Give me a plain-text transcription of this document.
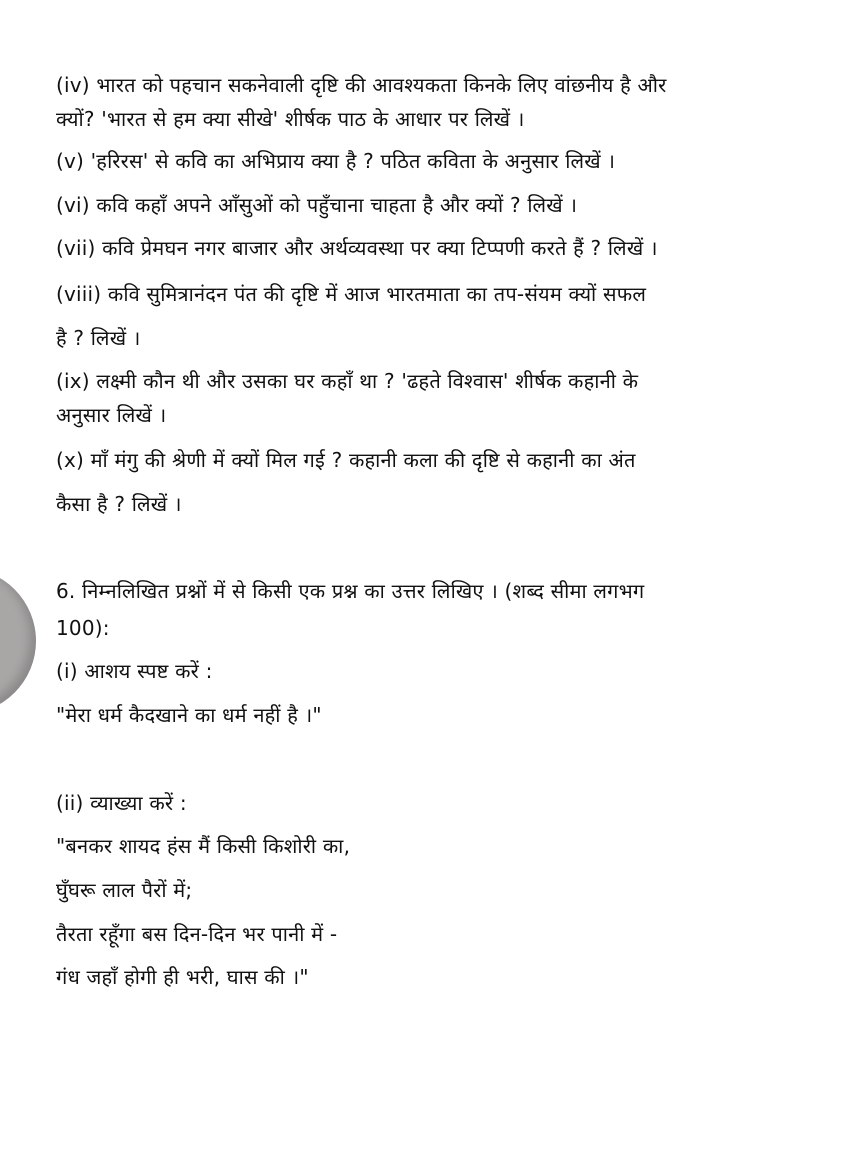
(iv) भारत को पहचान सकनेवाली दृष्टि की आवश्यकता किनके लिए वांछनीय है और
क्यों? 'भारत से हम क्या सीखे' शीर्षक पाठ के आधार पर लिखें ।
(v) 'हरिरस' से कवि का अभिप्राय क्या है ? पठित कविता के अनुसार लिखें ।
(vi) कवि कहाँ अपने आँसुओं को पहुँचाना चाहता है और क्यों ? लिखें ।
(vii) कवि प्रेमघन नगर बाजार और अर्थव्यवस्था पर क्या टिप्पणी करते हैं ? लिखें ।
(viii) कवि सुमित्रानंदन पंत की दृष्टि में आज भारतमाता का तप-संयम क्यों सफल
है ? लिखें ।
(ix) लक्ष्मी कौन थी और उसका घर कहाँ था ? 'ढहते विश्वास' शीर्षक कहानी के
अनुसार लिखें ।
(x) माँ मंगु की श्रेणी में क्यों मिल गई ? कहानी कला की दृष्टि से कहानी का अंत
कैसा है ? लिखें ।
6. निम्नलिखित प्रश्नों में से किसी एक प्रश्न का उत्तर लिखिए । (शब्द सीमा लगभग
100):
(i) आशय स्पष्ट करें :
"मेरा धर्म कैदखाने का धर्म नहीं है ।"
(ii) व्याख्या करें :
"बनकर शायद हंस मैं किसी किशोरी का,
घुँघरू लाल पैरों में;
तैरता रहूँगा बस दिन-दिन भर पानी में -
गंध जहाँ होगी ही भरी, घास की ।"
